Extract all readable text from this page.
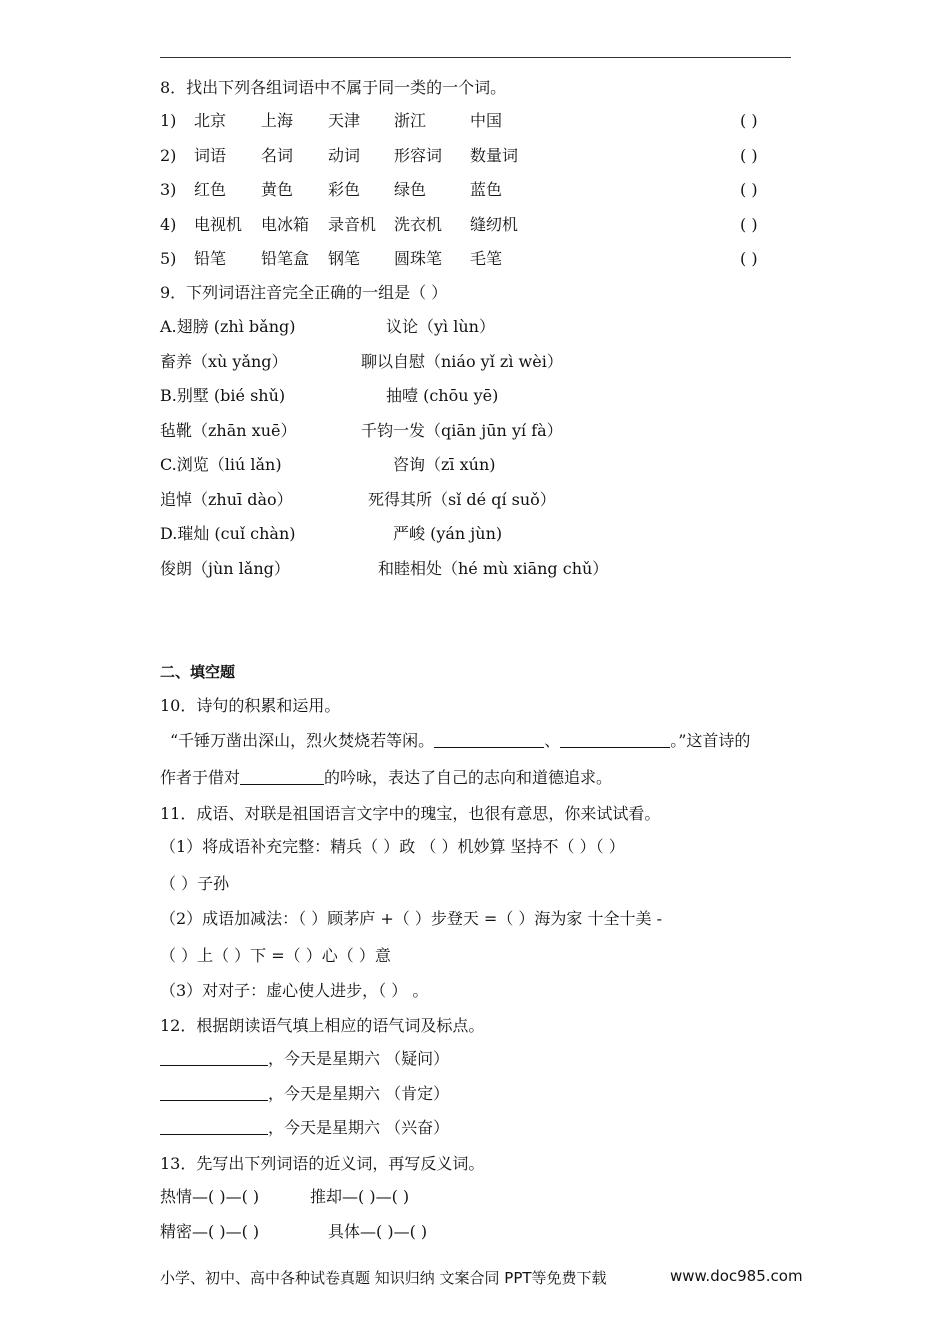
8．找出下列各组词语中不属于同一类的一个词。
1) 北京 上海 天津 浙江	中国	( )
2) 词语 名词 动词 形容词 数量词	( )
3) 红色 黄色 彩色 绿色	蓝色	( )
4) 电视机 电冰箱 录音机 洗衣机 缝纫机	( )
5) 铅笔 铅笔盒 钢笔 圆珠笔 毛笔	( )
9．下列词语注音完全正确的一组是（ ）
A.翅膀 (zhì bǎng)	议论（yì lùn）
畜养（xù yǎng）	聊以自慰（niáo yǐ zì wèi）
B.别墅 (bié shǔ)	抽噎 (chōu yē)
毡靴（zhān xuē）	千钧一发（qiān jūn yí fà）
C.浏览（liú lǎn)	咨询（zī xún)
追悼（zhuī dào）	死得其所（sǐ dé qí suǒ）
D.璀灿 (cuǐ chàn)	严峻 (yán jùn)
俊朗（jùn lǎng）	和睦相处（hé mù xiāng chǔ）
二、填空题
10．诗句的积累和运用。
“千锤万凿出深山，烈火焚烧若等闲。	、	。”这首诗的
作者于借对	的吟咏，表达了自己的志向和道德追求。
11．成语、对联是祖国语言文字中的瑰宝，也很有意思，你来试试看。
（1）将成语补充完整：精兵（ ）政 （ ）机妙算 坚持不（ ）（ ）
（ ）子孙
（2）成语加减法：（ ）顾茅庐 +（ ）步登天 =（ ）海为家 十全十美 -
（ ）上（ ）下 =（ ）心（ ）意
（3）对对子：虚心使人进步，（ ） 。
12．根据朗读语气填上相应的语气词及标点。
，今天是星期六 （疑问）
，今天是星期六 （肯定）
，今天是星期六 （兴奋）
13．先写出下列词语的近义词，再写反义词。
热情—( )—( )	推却—( )—( )
精密—( )—( )	具体—( )—( )
小学、初中、高中各种试卷真题 知识归纳 文案合同 PPT等免费下载	www.doc985.com
